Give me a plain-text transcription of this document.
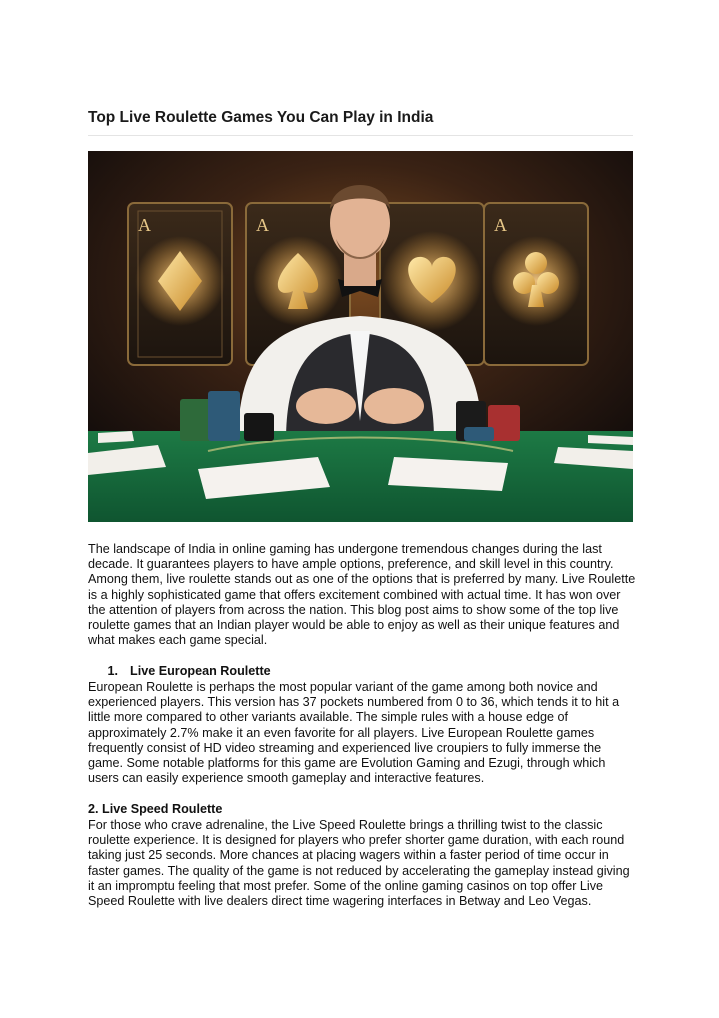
Top Live Roulette Games You Can Play in India
A	A	A
The landscape of India in online gaming has undergone tremendous changes during the last decade. It guarantees players to have ample options, preference, and skill level in this country. Among them, live roulette stands out as one of the options that is preferred by many. Live Roulette is a highly sophisticated game that offers excitement combined with actual time. It has won over the attention of players from across the nation. This blog post aims to show some of the top live roulette games that an Indian player would be able to enjoy as well as their unique features and what makes each game special.
1. Live European Roulette
European Roulette is perhaps the most popular variant of the game among both novice and experienced players. This version has 37 pockets numbered from 0 to 36, which tends it to hit a little more compared to other variants available. The simple rules with a house edge of approximately 2.7% make it an even favorite for all players. Live European Roulette games frequently consist of HD video streaming and experienced live croupiers to fully immerse the game. Some notable platforms for this game are Evolution Gaming and Ezugi, through which users can easily experience smooth gameplay and interactive features.
2. Live Speed Roulette
For those who crave adrenaline, the Live Speed Roulette brings a thrilling twist to the classic roulette experience. It is designed for players who prefer shorter game duration, with each round taking just 25 seconds. More chances at placing wagers within a faster period of time occur in faster games. The quality of the game is not reduced by accelerating the gameplay instead giving it an impromptu feeling that most prefer. Some of the online gaming casinos on top offer Live Speed Roulette with live dealers direct time wagering interfaces in Betway and Leo Vegas.
